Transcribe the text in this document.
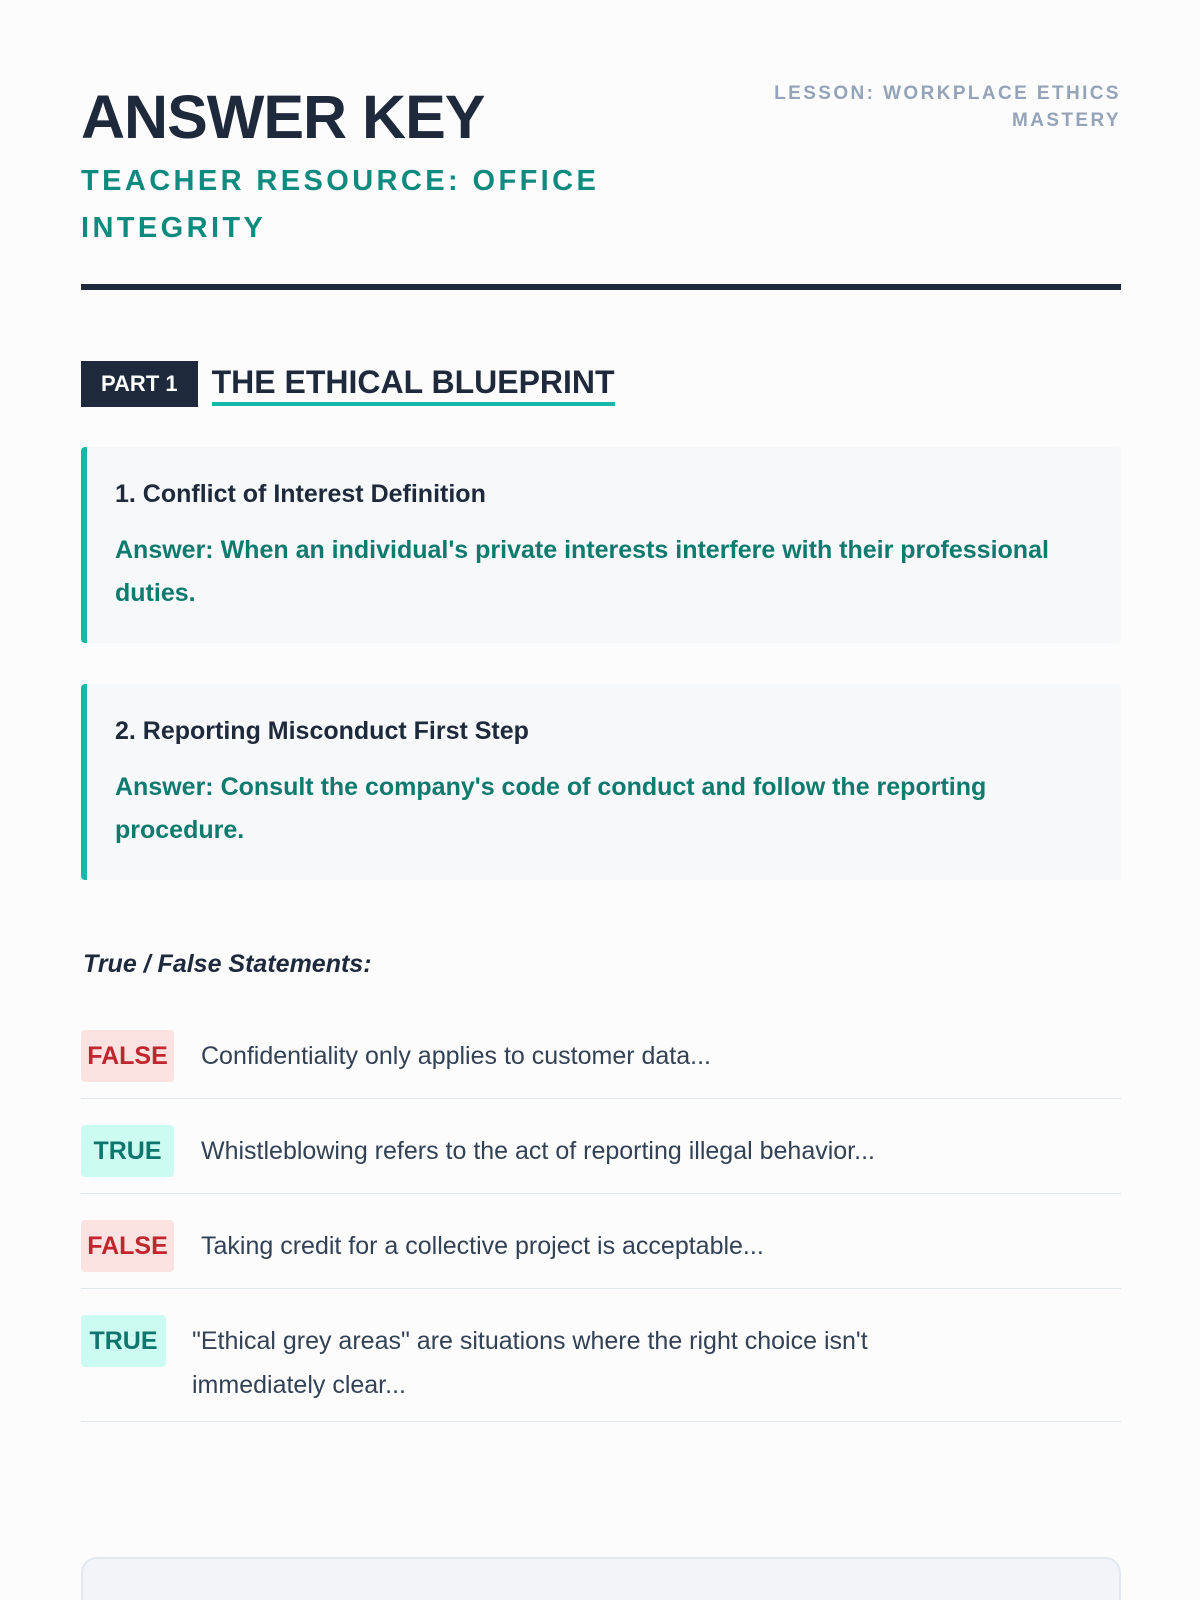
ANSWER KEY
TEACHER RESOURCE: OFFICE INTEGRITY
LESSON: WORKPLACE ETHICS MASTERY
PART 1	THE ETHICAL BLUEPRINT
1. Conflict of Interest Definition
Answer: When an individual's private interests interfere with their professional duties.
2. Reporting Misconduct First Step
Answer: Consult the company's code of conduct and follow the reporting procedure.
True / False Statements:
FALSE Confidentiality only applies to customer data...
TRUE	Whistleblowing refers to the act of reporting illegal behavior...
FALSE Taking credit for a collective project is acceptable...
TRUE	"Ethical grey areas" are situations where the right choice isn't immediately clear...
